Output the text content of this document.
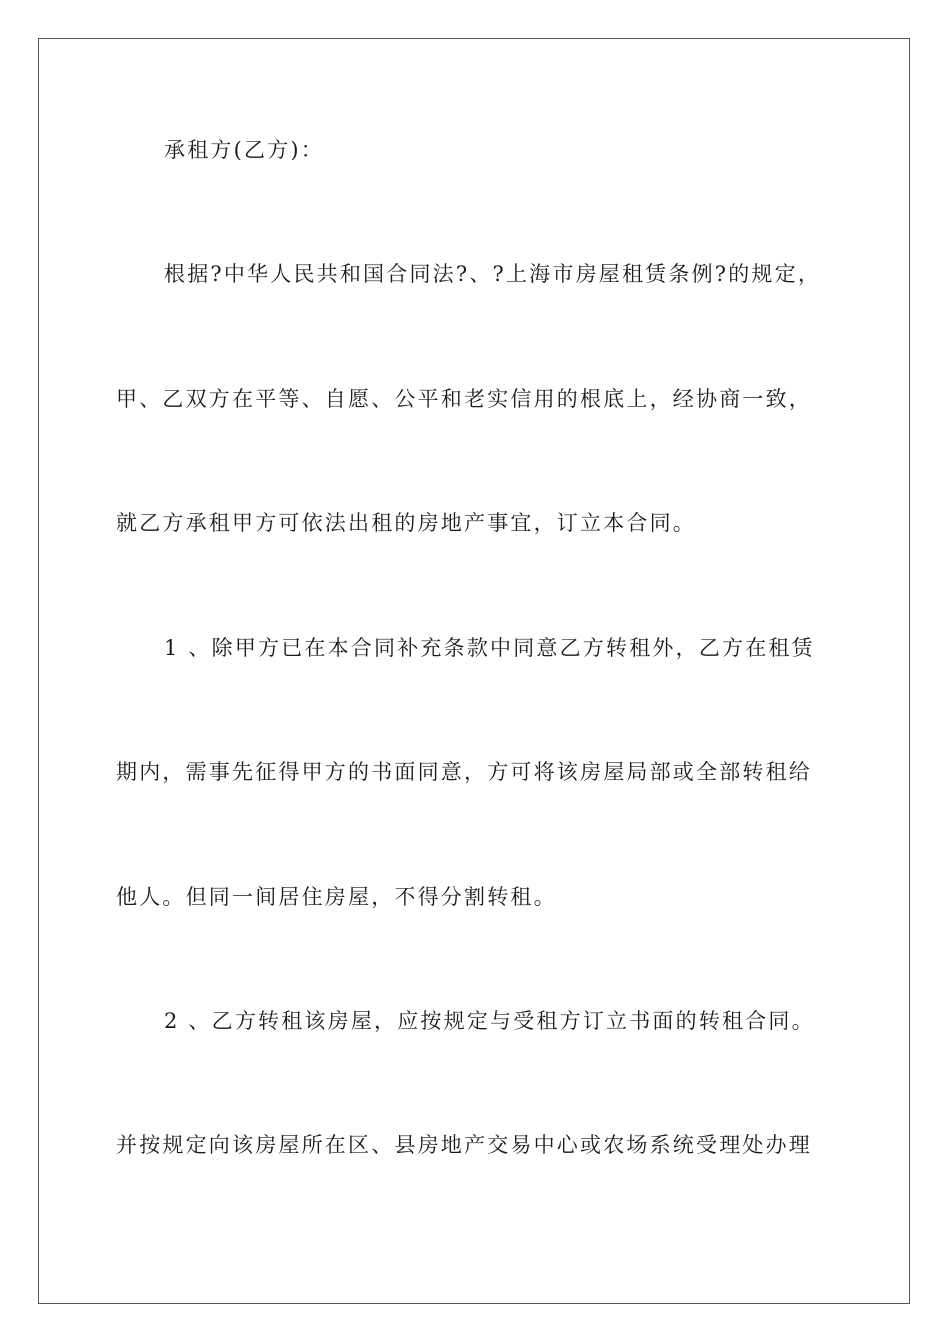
承租方(乙方)：
根据?中华人民共和国合同法?、?上海市房屋租赁条例?的规定，
甲、乙双方在平等、自愿、公平和老实信用的根底上，经协商一致，
就乙方承租甲方可依法出租的房地产事宜，订立本合同。
1 、除甲方已在本合同补充条款中同意乙方转租外，乙方在租赁
期内，需事先征得甲方的书面同意，方可将该房屋局部或全部转租给
他人。但同一间居住房屋，不得分割转租。
2 、乙方转租该房屋，应按规定与受租方订立书面的转租合同。
并按规定向该房屋所在区、县房地产交易中心或农场系统受理处办理
